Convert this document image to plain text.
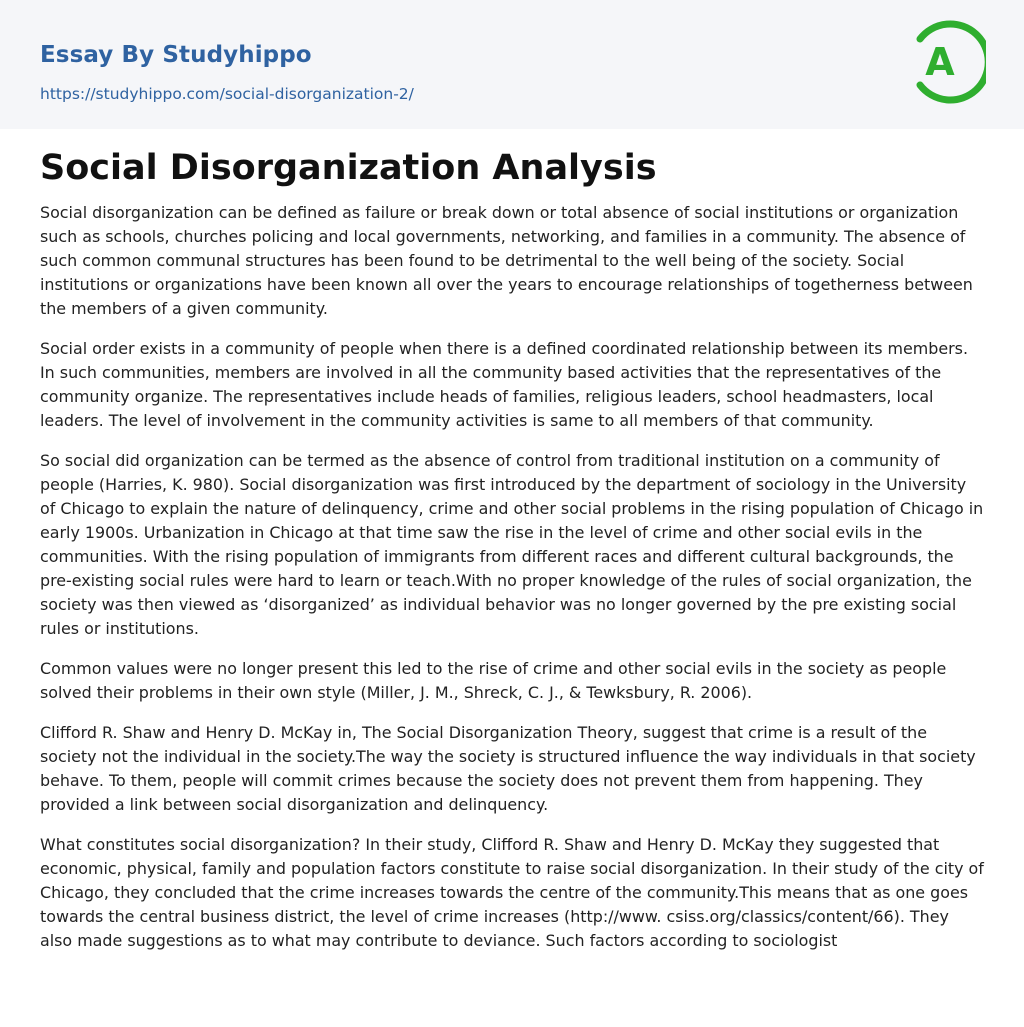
Essay By Studyhippo
https://studyhippo.com/social-disorganization-2/
A
Social Disorganization Analysis

Social disorganization can be defined as failure or break down or total absence of social institutions or organization such as schools, churches policing and local governments, networking, and families in a community. The absence of such common communal structures has been found to be detrimental to the well being of the society. Social institutions or organizations have been known all over the years to encourage relationships of togetherness between the members of a given community.

Social order exists in a community of people when there is a defined coordinated relationship between its members. In such communities, members are involved in all the community based activities that the representatives of the community organize. The representatives include heads of families, religious leaders, school headmasters, local leaders. The level of involvement in the community activities is same to all members of that community.

So social did organization can be termed as the absence of control from traditional institution on a community of people (Harries, K. 980). Social disorganization was first introduced by the department of sociology in the University of Chicago to explain the nature of delinquency, crime and other social problems in the rising population of Chicago in early 1900s. Urbanization in Chicago at that time saw the rise in the level of crime and other social evils in the communities. With the rising population of immigrants from different races and different cultural backgrounds, the pre-existing social rules were hard to learn or teach.With no proper knowledge of the rules of social organization, the society was then viewed as ‘disorganized’ as individual behavior was no longer governed by the pre existing social rules or institutions.

Common values were no longer present this led to the rise of crime and other social evils in the society as people solved their problems in their own style (Miller, J. M., Shreck, C. J., & Tewksbury, R. 2006).

Clifford R. Shaw and Henry D. McKay in, The Social Disorganization Theory, suggest that crime is a result of the society not the individual in the society.The way the society is structured influence the way individuals in that society behave. To them, people will commit crimes because the society does not prevent them from happening. They provided a link between social disorganization and delinquency.

What constitutes social disorganization? In their study, Clifford R. Shaw and Henry D. McKay they suggested that economic, physical, family and population factors constitute to raise social disorganization. In their study of the city of Chicago, they concluded that the crime increases towards the centre of the community.This means that as one goes towards the central business district, the level of crime increases (http://www. csiss.org/classics/content/66). They also made suggestions as to what may contribute to deviance. Such factors according to sociologist
